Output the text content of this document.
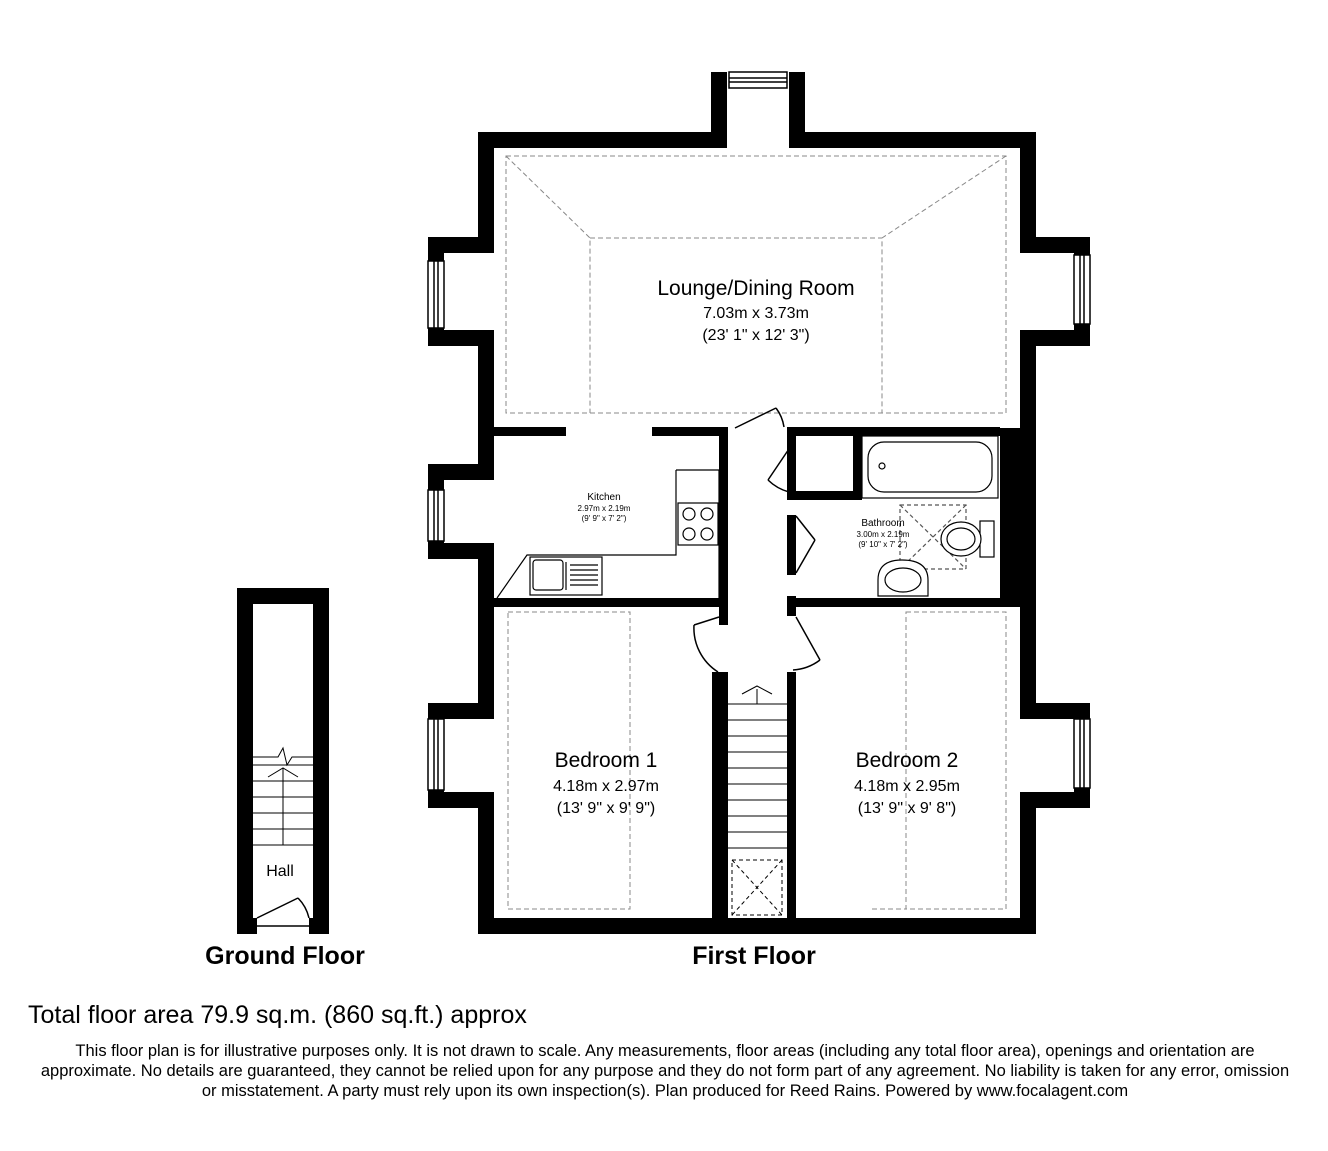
Lounge/Dining Room
7.03m x 3.73m
(23' 1" x 12' 3")
Kitchen
2.97m x 2.19m
(9' 9" x 7' 2")	Bathroom
3.00m x 2.19m
(9' 10" x 7' 2")
Bedroom 1
4.18m x 2.97m
(13' 9" x 9' 9")
Bedroom 2
4.18m x 2.95m
(13' 9" x 9' 8")
Hall
Ground Floor	First Floor
Total floor area 79.9 sq.m. (860 sq.ft.) approx
This floor plan is for illustrative purposes only. It is not drawn to scale. Any measurements, floor areas (including any total floor area), openings and orientation are approximate. No details are guaranteed, they cannot be relied upon for any purpose and they do not form part of any agreement. No liability is taken for any error, omission or misstatement. A party must rely upon its own inspection(s). Plan produced for Reed Rains. Powered by www.focalagent.com
